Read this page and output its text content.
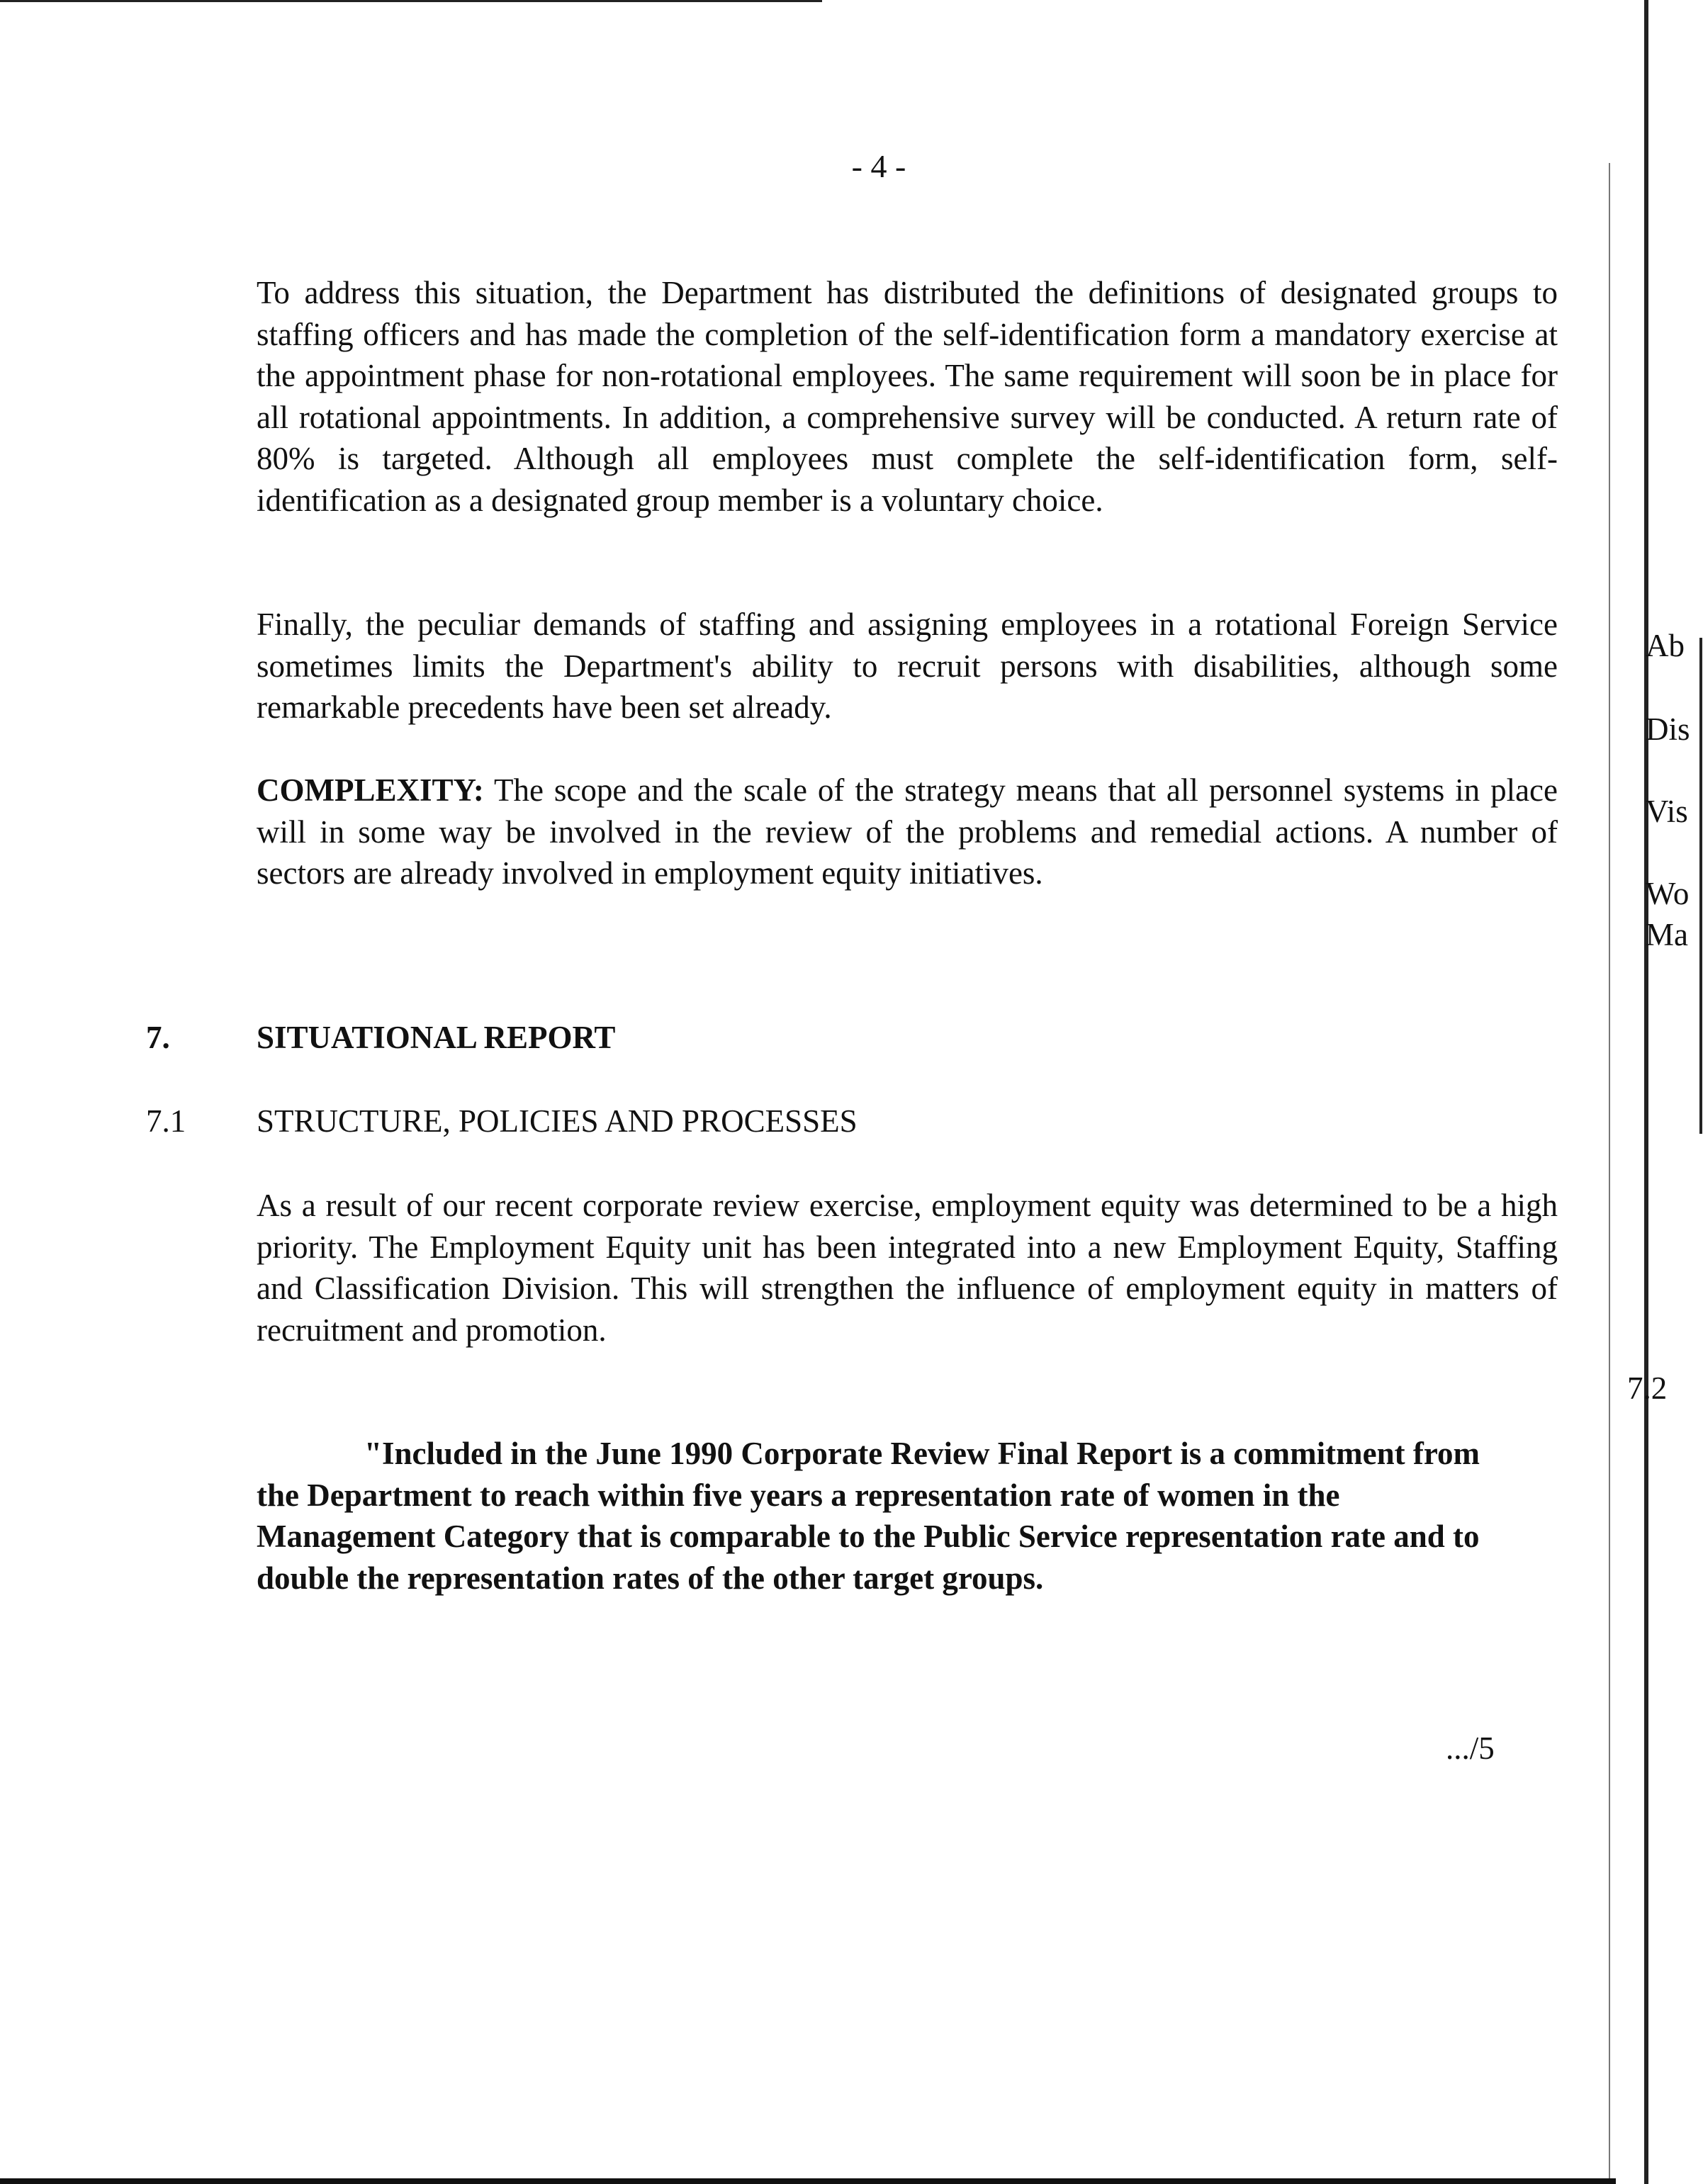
- 4 -

To address this situation, the Department has distributed the definitions of designated groups to staffing officers and has made the completion of the self-identification form a mandatory exercise at the appointment phase for non-rotational employees. The same requirement will soon be in place for all rotational appointments. In addition, a comprehensive survey will be conducted. A return rate of 80% is targeted. Although all employees must complete the self-identification form, self-identification as a designated group member is a voluntary choice.

Finally, the peculiar demands of staffing and assigning employees in a rotational Foreign Service sometimes limits the Department's ability to recruit persons with disabilities, although some remarkable precedents have been set already.

COMPLEXITY: The scope and the scale of the strategy means that all personnel systems in place will in some way be involved in the review of the problems and remedial actions. A number of sectors are already involved in employment equity initiatives.

7.	SITUATIONAL REPORT
7.1 STRUCTURE, POLICIES AND PROCESSES

As a result of our recent corporate review exercise, employment equity was determined to be a high priority. The Employment Equity unit has been integrated into a new Employment Equity, Staffing and Classification Division. This will strengthen the influence of employment equity in matters of recruitment and promotion.

"Included in the June 1990 Corporate Review Final Report is a commitment from the Department to reach within five years a representation rate of women in the Management Category that is comparable to the Public Service representation rate and to double the representation rates of the other target groups.

.../5
Ab
Dis
Vis
Wo
Ma
7.2
